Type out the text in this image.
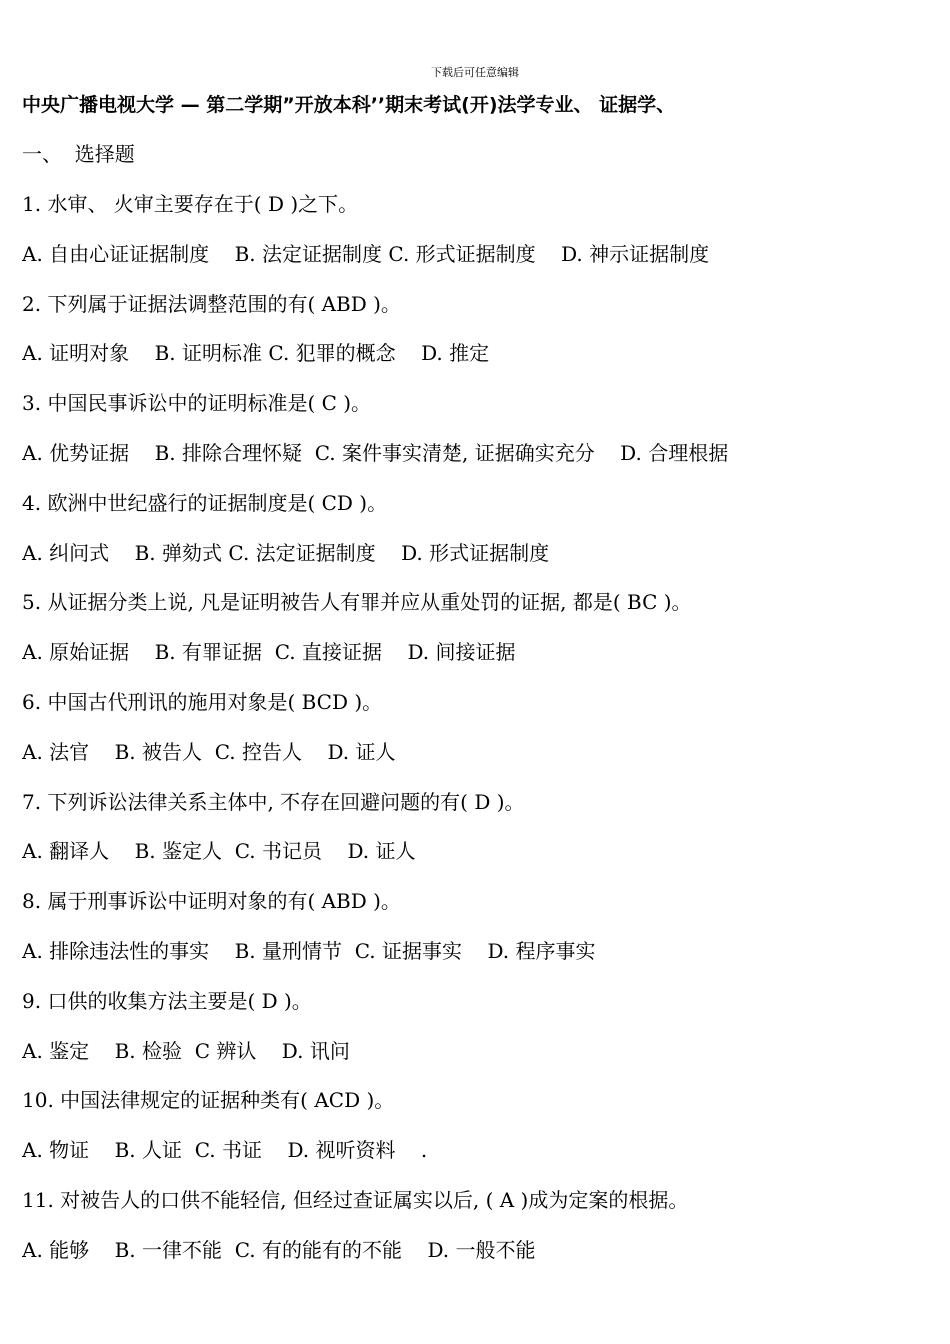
下载后可任意编辑
中央广播电视大学 — 第二学期”开放本科’’期末考试(开)法学专业、 证据学、
一、  选择题
1. 水审、 火审主要存在于( D )之下。
A. 自由心证证据制度    B. 法定证据制度 C. 形式证据制度    D. 神示证据制度
2. 下列属于证据法调整范围的有( ABD )。
A. 证明对象    B. 证明标准 C. 犯罪的概念    D. 推定
3. 中国民事诉讼中的证明标准是( C )。
A. 优势证据    B. 排除合理怀疑  C. 案件事实清楚, 证据确实充分    D. 合理根据
4. 欧洲中世纪盛行的证据制度是( CD )。
A. 纠问式    B. 弹劾式 C. 法定证据制度    D. 形式证据制度
5. 从证据分类上说, 凡是证明被告人有罪并应从重处罚的证据, 都是( BC )。
A. 原始证据    B. 有罪证据  C. 直接证据    D. 间接证据
6. 中国古代刑讯的施用对象是( BCD )。
A. 法官    B. 被告人  C. 控告人    D. 证人
7. 下列诉讼法律关系主体中, 不存在回避问题的有( D )。
A. 翻译人    B. 鉴定人  C. 书记员    D. 证人
8. 属于刑事诉讼中证明对象的有( ABD )。
A. 排除违法性的事实    B. 量刑情节  C. 证据事实    D. 程序事实
9. 口供的收集方法主要是( D )。
A. 鉴定    B. 检验  C 辨认    D. 讯问
10. 中国法律规定的证据种类有( ACD )。
A. 物证    B. 人证  C. 书证    D. 视听资料    .
11. 对被告人的口供不能轻信, 但经过查证属实以后, ( A )成为定案的根据。
A. 能够    B. 一律不能  C. 有的能有的不能    D. 一般不能
